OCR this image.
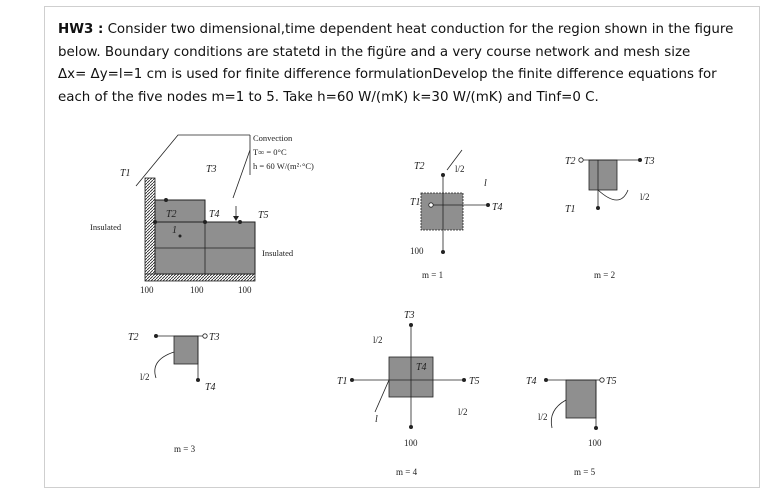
HW3 : Consider two dimensional,time dependent heat conduction for the region shown in the figure
below. Boundary conditions are statetd in the figüre and a very course network and mesh size
Δx= Δy=l=1 cm is used for finite difference formulationDevelop the finite difference equations for
each of the five nodes m=1 to 5. Take h=60 W/(mK) k=30 W/(mK) and Tinf=0 C.
Convection
T∞ = 0°C
h = 60 W/(m²·°C)
T1	T3
T2	T4	T5
1
Insulated
Insulated
100	100	100
T2
T1	T4
100
l
l/2
m = 1
T2	T3
T1
l/2
m = 2
T2	T3
T4
l/2
m = 3
T3
T1	T5
T4
l/2
l/2
l
100
m = 4
T4	T5
l/2
100
m = 5
